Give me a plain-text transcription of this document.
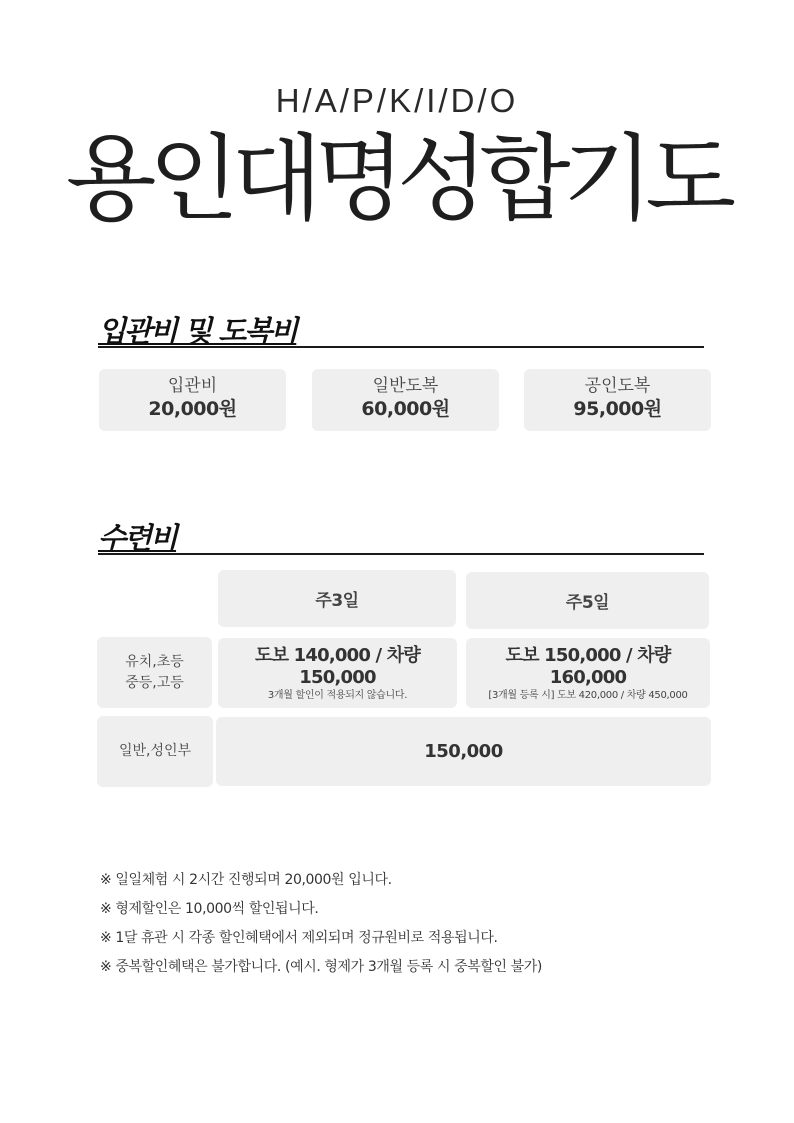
H/A/P/K/I/D/O
용인대명성합기도
입관비 및 도복비
입관비
20,000원
일반도복
60,000원
공인도복
95,000원
수련비
주3일	주5일
유치,초등
중등,고등
도보 140,000 / 차량 150,000
3개월 할인이 적용되지 않습니다.
도보 150,000 / 차량 160,000
[3개월 등록 시] 도보 420,000 / 차량 450,000
일반,성인부	150,000
※ 일일체험 시 2시간 진행되며 20,000원 입니다.
※ 형제할인은 10,000씩 할인됩니다.
※ 1달 휴관 시 각종 할인혜택에서 제외되며 정규원비로 적용됩니다.
※ 중복할인혜택은 불가합니다. (예시. 형제가 3개월 등록 시 중복할인 불가)
